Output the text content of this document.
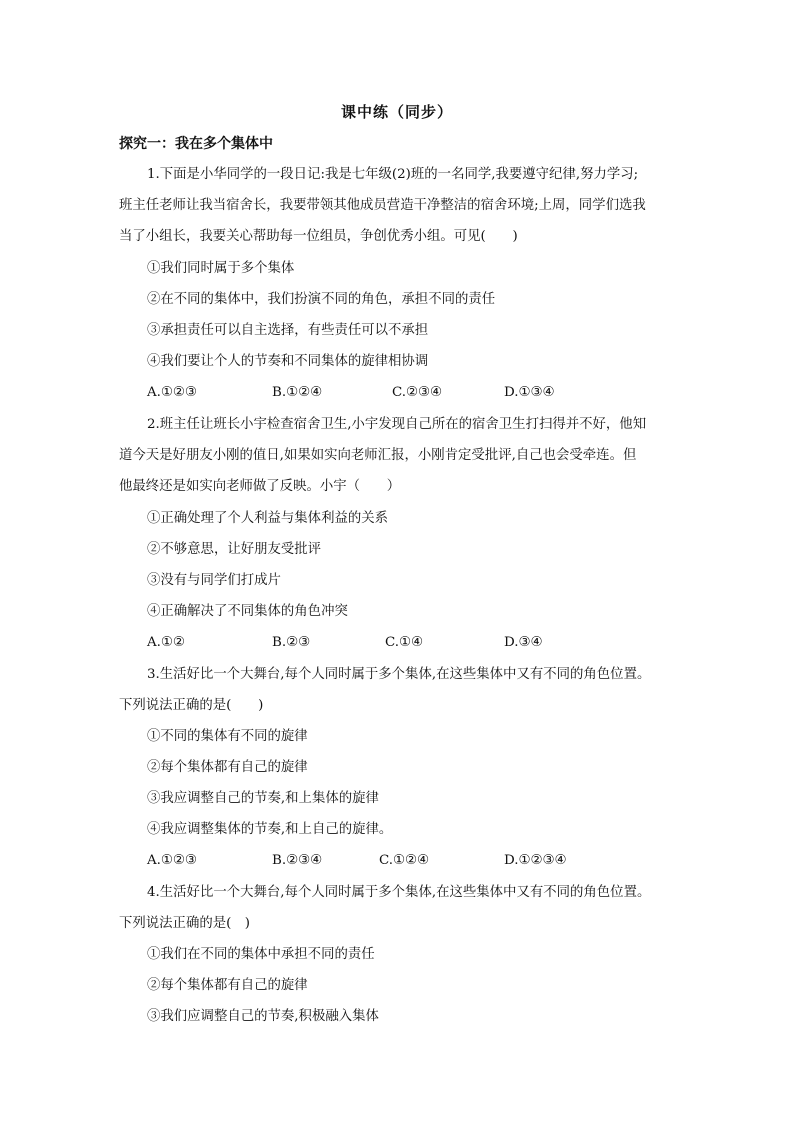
课中练（同步）
探究一：我在多个集体中
1.下面是小华同学的一段日记:我是七年级(2)班的一名同学,我要遵守纪律,努力学习;
班主任老师让我当宿舍长，我要带领其他成员营造干净整洁的宿舍环境;上周，同学们选我
当了小组长，我要关心帮助每一位组员，争创优秀小组。可见(　　)
①我们同时属于多个集体
②在不同的集体中，我们扮演不同的角色，承担不同的责任
③承担责任可以自主选择，有些责任可以不承担
④我们要让个人的节奏和不同集体的旋律相协调
A.①②③	B.①②④	C.②③④	D.①③④
2.班主任让班长小宇检查宿舍卫生,小宇发现自己所在的宿舍卫生打扫得并不好，他知
道今天是好朋友小刚的值日,如果如实向老师汇报，小刚肯定受批评,自己也会受牵连。但
他最终还是如实向老师做了反映。小宇（　　）
①正确处理了个人利益与集体利益的关系
②不够意思，让好朋友受批评
③没有与同学们打成片
④正确解决了不同集体的角色冲突
A.①②	B.②③	C.①④	D.③④
3.生活好比一个大舞台,每个人同时属于多个集体,在这些集体中又有不同的角色位置。
下列说法正确的是(　　)
①不同的集体有不同的旋律
②每个集体都有自己的旋律
③我应调整自己的节奏,和上集体的旋律
④我应调整集体的节奏,和上自己的旋律。
A.①②③	B.②③④	C.①②④	D.①②③④
4.生活好比一个大舞台,每个人同时属于多个集体,在这些集体中又有不同的角色位置。
下列说法正确的是(　)
①我们在不同的集体中承担不同的责任
②每个集体都有自己的旋律
③我们应调整自己的节奏,积极融入集体
